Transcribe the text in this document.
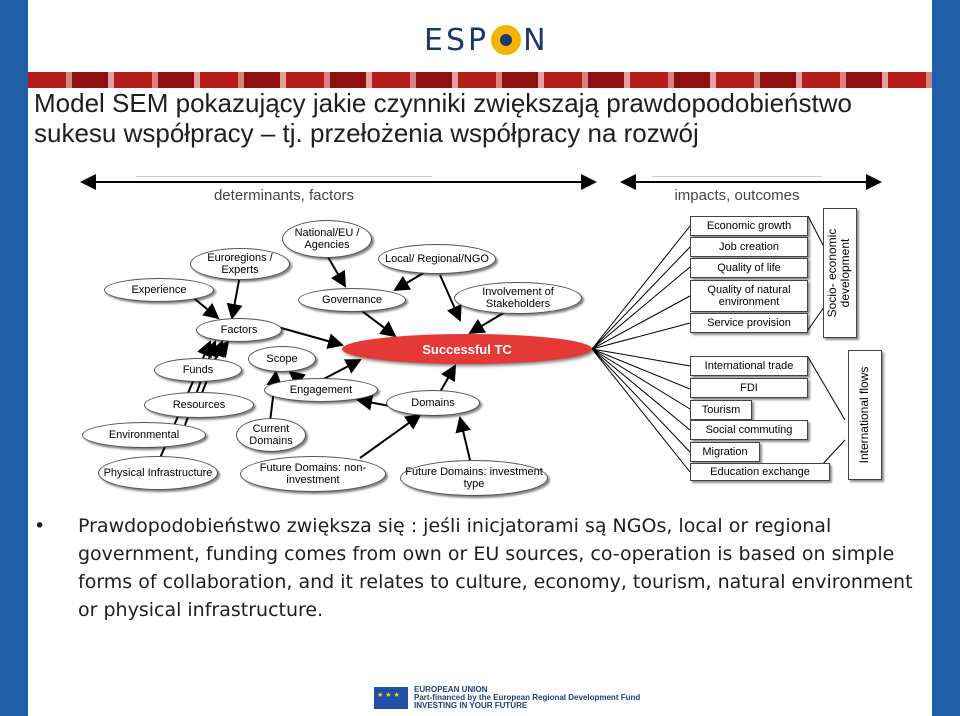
ESP N
Model SEM pokazujący jakie czynniki zwiększają prawdopodobieństwo
sukesu współpracy – tj. przełożenia współpracy na rozwój
determinants, factors	impacts, outcomes
Successful TC
Experience
Euroregions / Experts
National/EU / Agencies
Local/ Regional/NGO
Governance
Involvement of Stakeholders
Factors
Scope
Funds
Engagement
Resources	Domains
Environmental	Current Domains
Physical Infrastructure	Future Domains: non-investment
Future Domains: investment type
Economic growth
Job creation
Quality of life
Quality of natural environment
Service provision
International trade
FDI
Tourism
Social commuting
Migration
Education exchange
Socio- economic development
International flows
• Prawdopodobieństwo zwiększa się : jeśli inicjatorami są NGOs, local or regional government, funding comes from own or EU sources, co-operation is based on simple forms of collaboration, and it relates to culture, economy, tourism, natural environment or physical infrastructure.
★ ★ ★
EUROPEAN UNION
Part-financed by the European Regional Development Fund
INVESTING IN YOUR FUTURE
